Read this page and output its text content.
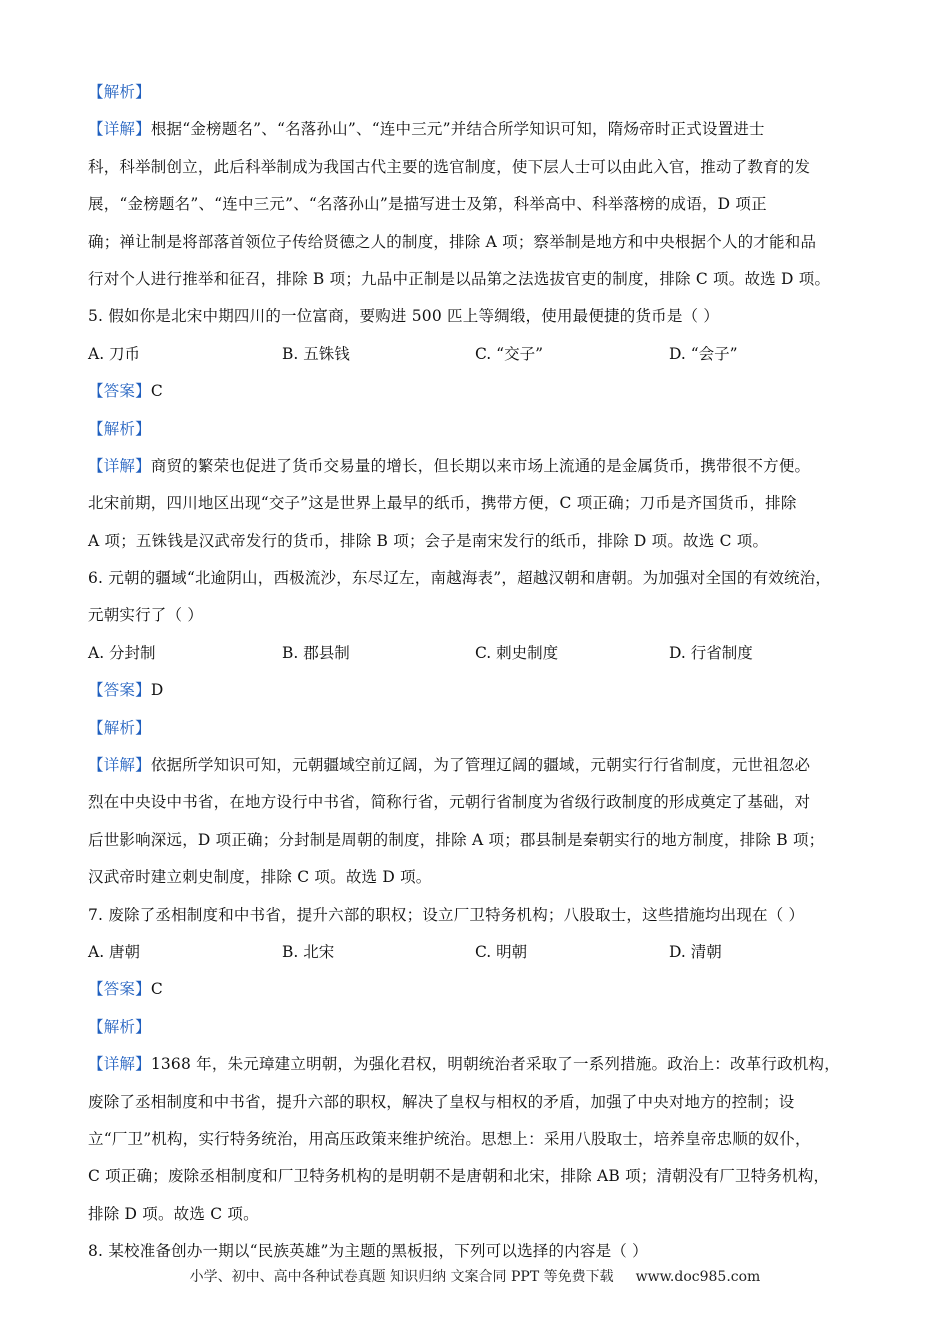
【解析】
【详解】根据“金榜题名”、“名落孙山”、“连中三元”并结合所学知识可知，隋炀帝时正式设置进士
科，科举制创立，此后科举制成为我国古代主要的选官制度，使下层人士可以由此入官，推动了教育的发
展，“金榜题名”、“连中三元”、“名落孙山”是描写进士及第，科举高中、科举落榜的成语，D 项正
确；禅让制是将部落首领位子传给贤德之人的制度，排除 A 项；察举制是地方和中央根据个人的才能和品
行对个人进行推举和征召，排除 B 项；九品中正制是以品第之法选拔官吏的制度，排除 C 项。故选 D 项。
5. 假如你是北宋中期四川的一位富商，要购进 500 匹上等绸缎，使用最便捷的货币是（ ）
A. 刀币	B. 五铢钱	C. “交子”	D. “会子”
【答案】C
【解析】
【详解】商贸的繁荣也促进了货币交易量的增长，但长期以来市场上流通的是金属货币，携带很不方便。
北宋前期，四川地区出现“交子”这是世界上最早的纸币，携带方便，C 项正确；刀币是齐国货币，排除
A 项；五铢钱是汉武帝发行的货币，排除 B 项；会子是南宋发行的纸币，排除 D 项。故选 C 项。
6. 元朝的疆域“北逾阴山，西极流沙，东尽辽左，南越海表”，超越汉朝和唐朝。为加强对全国的有效统治，
元朝实行了（ ）
A. 分封制	B. 郡县制	C. 刺史制度	D. 行省制度
【答案】D
【解析】
【详解】依据所学知识可知，元朝疆域空前辽阔，为了管理辽阔的疆域，元朝实行行省制度，元世祖忽必
烈在中央设中书省，在地方设行中书省，简称行省，元朝行省制度为省级行政制度的形成奠定了基础，对
后世影响深远，D 项正确；分封制是周朝的制度，排除 A 项；郡县制是秦朝实行的地方制度，排除 B 项；
汉武帝时建立刺史制度，排除 C 项。故选 D 项。
7. 废除了丞相制度和中书省，提升六部的职权；设立厂卫特务机构；八股取士，这些措施均出现在（ ）
A. 唐朝	B. 北宋	C. 明朝	D. 清朝
【答案】C
【解析】
【详解】1368 年，朱元璋建立明朝，为强化君权，明朝统治者采取了一系列措施。政治上：改革行政机构，
废除了丞相制度和中书省，提升六部的职权，解决了皇权与相权的矛盾，加强了中央对地方的控制；设
立“厂卫”机构，实行特务统治，用高压政策来维护统治。思想上：采用八股取士，培养皇帝忠顺的奴仆，
C 项正确；废除丞相制度和厂卫特务机构的是明朝不是唐朝和北宋，排除 AB 项；清朝没有厂卫特务机构，
排除 D 项。故选 C 项。
8. 某校准备创办一期以“民族英雄”为主题的黑板报，下列可以选择的内容是（ ）
小学、初中、高中各种试卷真题 知识归纳 文案合同 PPT 等免费下载 www.doc985.com
